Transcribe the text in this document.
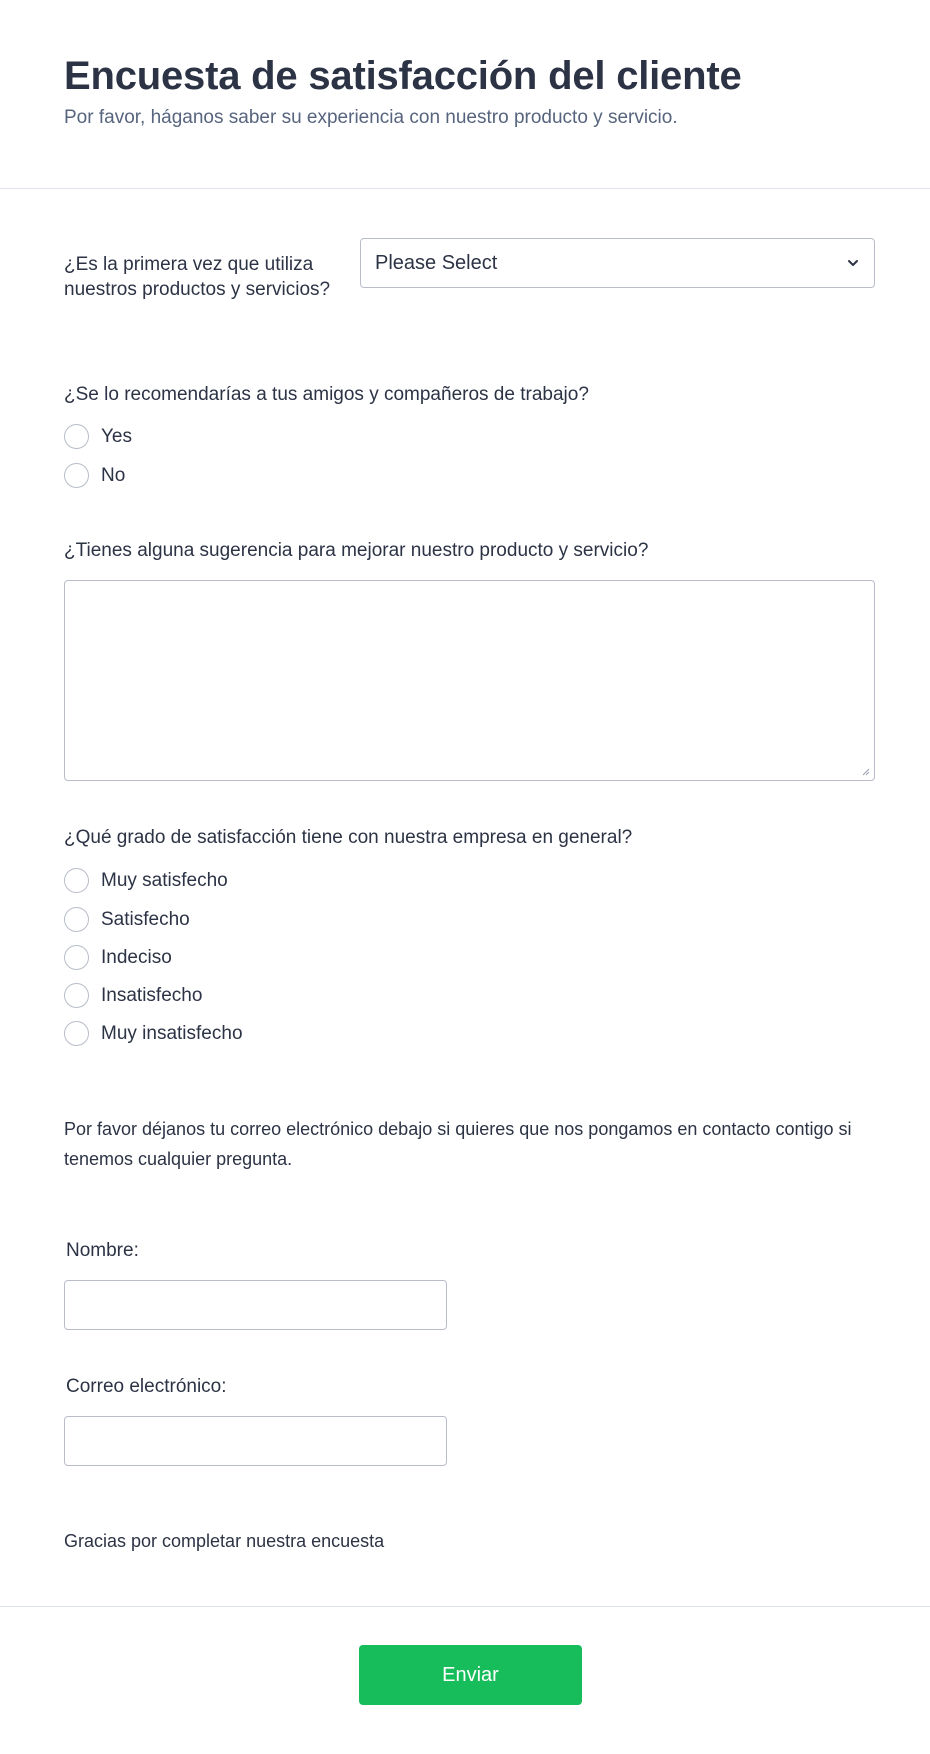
Encuesta de satisfacción del cliente
Por favor, háganos saber su experiencia con nuestro producto y servicio.
¿Es la primera vez que utiliza nuestros productos y servicios?
Please Select
¿Se lo recomendarías a tus amigos y compañeros de trabajo?
Yes
No
¿Tienes alguna sugerencia para mejorar nuestro producto y servicio?
¿Qué grado de satisfacción tiene con nuestra empresa en general?
Muy satisfecho
Satisfecho
Indeciso
Insatisfecho
Muy insatisfecho
Por favor déjanos tu correo electrónico debajo si quieres que nos pongamos en contacto contigo si tenemos cualquier pregunta.
Nombre:
Correo electrónico:
Gracias por completar nuestra encuesta
Enviar
